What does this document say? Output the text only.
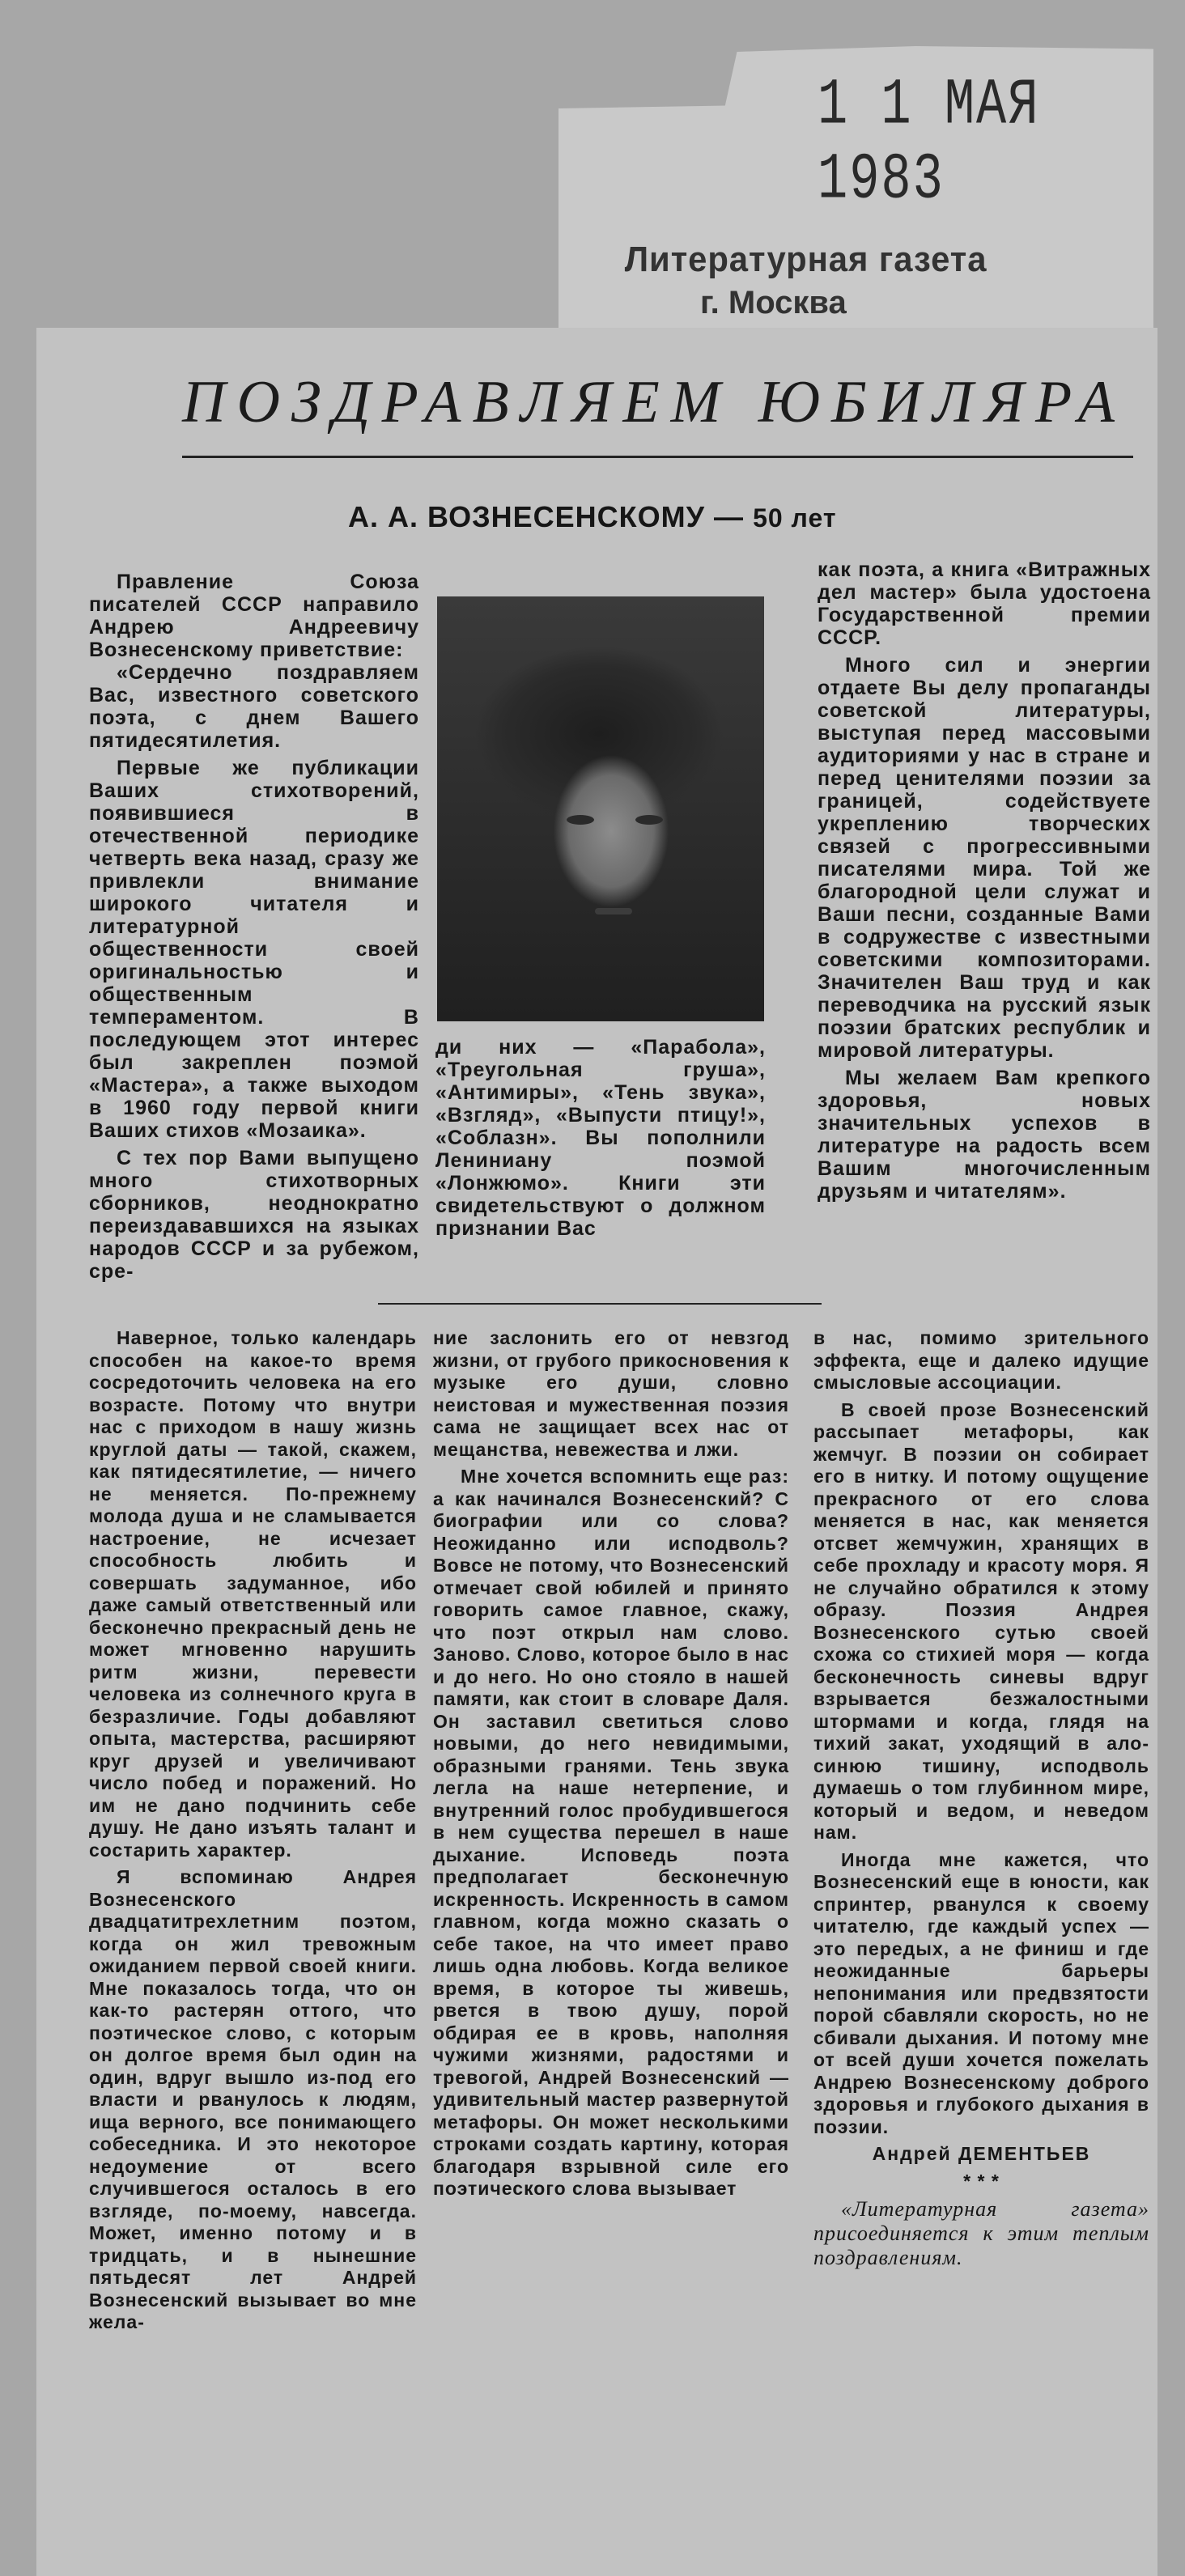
1 1 МАЯ 1983
Литературная газета
г. Москва
ПОЗДРАВЛЯЕМ ЮБИЛЯРА
А. А. ВОЗНЕСЕНСКОМУ — 50 лет

Правление Союза писателей СССР направило Андрею Андреевичу Вознесенскому приветствие:

«Сердечно поздравляем Вас, известного советского поэта, с днем Вашего пятидесятилетия.

Первые же публикации Ваших стихотворений, появившиеся в отечественной периодике четверть века назад, сразу же привлекли внимание широкого читателя и литературной общественности своей оригинальностью и общественным темпераментом. В последующем этот интерес был закреплен поэмой «Мастера», а также выходом в 1960 году первой книги Ваших стихов «Мозаика».

С тех пор Вами выпущено много стихотворных сборников, неоднократно переиздававшихся на языках народов СССР и за рубежом, сре-

ди них — «Парабола», «Треугольная груша», «Антимиры», «Тень звука», «Взгляд», «Выпусти птицу!», «Соблазн». Вы пополнили Лениниану поэмой «Лонжюмо». Книги эти свидетельствуют о должном признании Вас

как поэта, а книга «Витражных дел мастер» была удостоена Государственной премии СССР.

Много сил и энергии отдаете Вы делу пропаганды советской литературы, выступая перед массовыми аудиториями у нас в стране и перед ценителями поэзии за границей, содействуете укреплению творческих связей с прогрессивными писателями мира. Той же благородной цели служат и Ваши песни, созданные Вами в содружестве с известными советскими композиторами. Значителен Ваш труд и как переводчика на русский язык поэзии братских республик и мировой литературы.

Мы желаем Вам крепкого здоровья, новых значительных успехов в литературе на радость всем Вашим многочисленным друзьям и читателям».

Наверное, только календарь способен на какое-то время сосредоточить человека на его возрасте. Потому что внутри нас с приходом в нашу жизнь круглой даты — такой, скажем, как пятидесятилетие, — ничего не меняется. По-прежнему молода душа и не сламывается настроение, не исчезает способность любить и совершать задуманное, ибо даже самый ответственный или бесконечно прекрасный день не может мгновенно нарушить ритм жизни, перевести человека из солнечного круга в безразличие. Годы добавляют опыта, мастерства, расширяют круг друзей и увеличивают число побед и поражений. Но им не дано подчинить себе душу. Не дано изъять талант и состарить характер.

Я вспоминаю Андрея Вознесенского двадцатитрехлетним поэтом, когда он жил тревожным ожиданием первой своей книги. Мне показалось тогда, что он как-то растерян оттого, что поэтическое слово, с которым он долгое время был один на один, вдруг вышло из-под его власти и рванулось к людям, ища верного, все понимающего собеседника. И это некоторое недоумение от всего случившегося осталось в его взгляде, по-моему, навсегда. Может, именно потому и в тридцать, и в нынешние пятьдесят лет Андрей Вознесенский вызывает во мне жела-

ние заслонить его от невзгод жизни, от грубого прикосновения к музыке его души, словно неистовая и мужественная поэзия сама не защищает всех нас от мещанства, невежества и лжи.

Мне хочется вспомнить еще раз: а как начинался Вознесенский? С биографии или со слова? Неожиданно или исподволь? Вовсе не потому, что Вознесенский отмечает свой юбилей и принято говорить самое главное, скажу, что поэт открыл нам слово. Заново. Слово, которое было в нас и до него. Но оно стояло в нашей памяти, как стоит в словаре Даля. Он заставил светиться слово новыми, до него невидимыми, образными гранями. Тень звука легла на наше нетерпение, и внутренний голос пробудившегося в нем существа перешел в наше дыхание. Исповедь поэта предполагает бесконечную искренность. Искренность в самом главном, когда можно сказать о себе такое, на что имеет право лишь одна любовь. Когда великое время, в которое ты живешь, рвется в твою душу, порой обдирая ее в кровь, наполняя чужими жизнями, радостями и тревогой, Андрей Вознесенский — удивительный мастер развернутой метафоры. Он может несколькими строками создать картину, которая благодаря взрывной силе его поэтического слова вызывает

в нас, помимо зрительного эффекта, еще и далеко идущие смысловые ассоциации.

В своей прозе Вознесенский рассыпает метафоры, как жемчуг. В поэзии он собирает его в нитку. И потому ощущение прекрасного от его слова меняется в нас, как меняется отсвет жемчужин, хранящих в себе прохладу и красоту моря. Я не случайно обратился к этому образу. Поэзия Андрея Вознесенского сутью своей схожа со стихией моря — когда бесконечность синевы вдруг взрывается безжалостными штормами и когда, глядя на тихий закат, уходящий в ало-синюю тишину, исподволь думаешь о том глубинном мире, который и ведом, и неведом нам.

Иногда мне кажется, что Вознесенский еще в юности, как спринтер, рванулся к своему читателю, где каждый успех — это передых, а не финиш и где неожиданные барьеры непонимания или предвзятости порой сбавляли скорость, но не сбивали дыхания. И потому мне от всей души хочется пожелать Андрею Вознесенскому доброго здоровья и глубокого дыхания в поэзии.

Андрей ДЕМЕНТЬЕВ

* * *

«Литературная газета» присоединяется к этим теплым поздравлениям.
